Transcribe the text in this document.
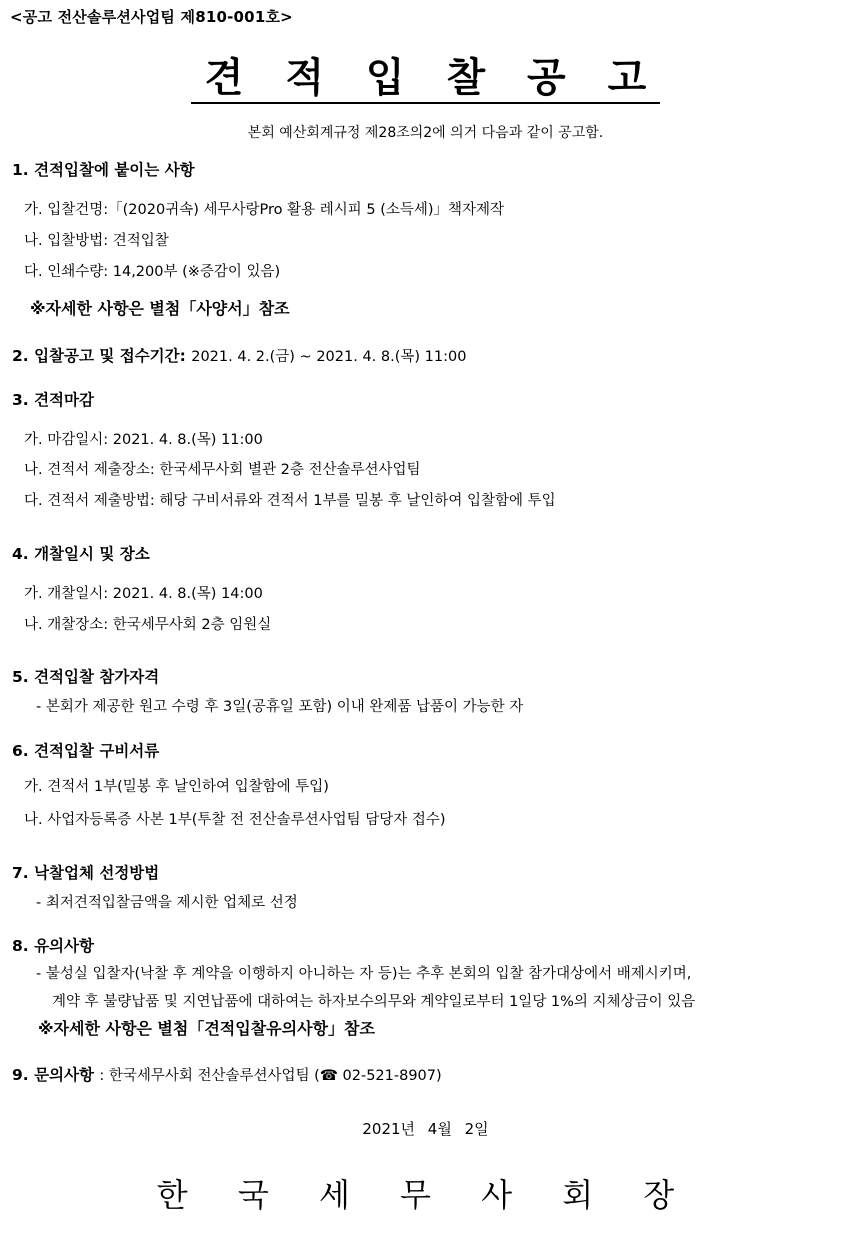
<공고 전산솔루션사업팀 제810-001호>
견 적 입 찰 공 고
본회 예산회계규정 제28조의2에 의거 다음과 같이 공고함.
1. 견적입찰에 붙이는 사항
가. 입찰건명:「(2020귀속) 세무사랑Pro 활용 레시피 5 (소득세)」책자제작
나. 입찰방법: 견적입찰
다. 인쇄수량: 14,200부 (※증감이 있음)
※자세한 사항은 별첨「사양서」참조
2. 입찰공고 및 접수기간: 2021. 4. 2.(금) ~ 2021. 4. 8.(목) 11:00
3. 견적마감
가. 마감일시: 2021. 4. 8.(목) 11:00
나. 견적서 제출장소: 한국세무사회 별관 2층 전산솔루션사업팀
다. 견적서 제출방법: 해당 구비서류와 견적서 1부를 밀봉 후 날인하여 입찰함에 투입
4. 개찰일시 및 장소
가. 개찰일시: 2021. 4. 8.(목) 14:00
나. 개찰장소: 한국세무사회 2층 임원실
5. 견적입찰 참가자격
- 본회가 제공한 원고 수령 후 3일(공휴일 포함) 이내 완제품 납품이 가능한 자
6. 견적입찰 구비서류
가. 견적서 1부(밀봉 후 날인하여 입찰함에 투입)
나. 사업자등록증 사본 1부(투찰 전 전산솔루션사업팀 담당자 접수)
7. 낙찰업체 선정방법
- 최저견적입찰금액을 제시한 업체로 선정
8. 유의사항
- 불성실 입찰자(낙찰 후 계약을 이행하지 아니하는 자 등)는 추후 본회의 입찰 참가대상에서 배제시키며,
계약 후 불량납품 및 지연납품에 대하여는 하자보수의무와 계약일로부터 1일당 1%의 지체상금이 있음
※자세한 사항은 별첨「견적입찰유의사항」참조
9. 문의사항 : 한국세무사회 전산솔루션사업팀 (☎ 02-521-8907)
2021년 4월 2일
한 국 세 무 사 회 장
